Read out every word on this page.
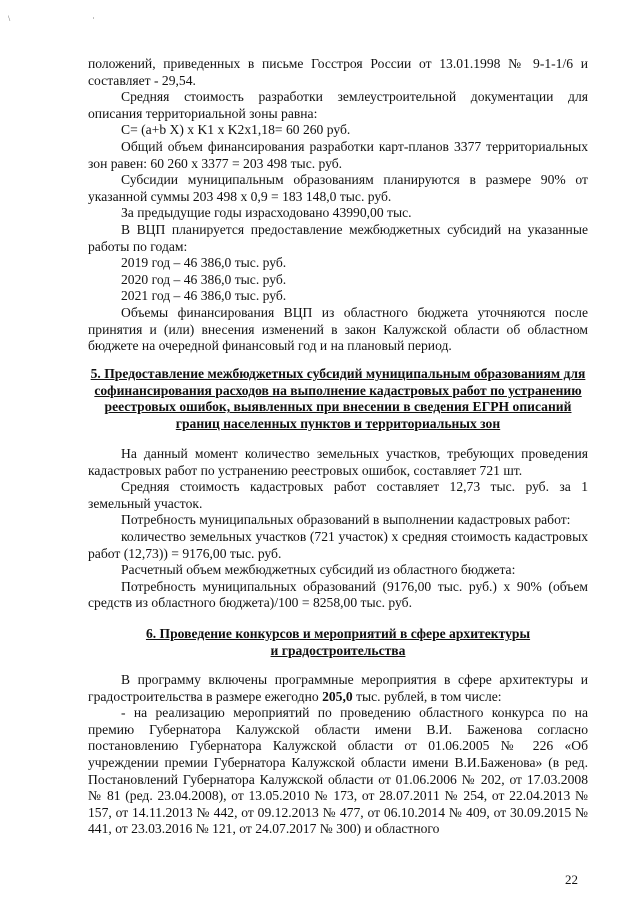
\ ·

положений, приведенных в письме Госстроя России от 13.01.1998 № 9-1-1/6 и составляет - 29,54.

Средняя стоимость разработки землеустроительной документации для описания территориальной зоны равна:

С= (a+b X) x K1 x K2x1,18= 60 260 руб.

Общий объем финансирования разработки карт-планов 3377 территориальных зон равен: 60 260 х 3377 = 203 498 тыс. руб.

Субсидии муниципальным образованиям планируются в размере 90% от указанной суммы 203 498 х 0,9 = 183 148,0 тыс. руб.

За предыдущие годы израсходовано 43990,00 тыс.

В ВЦП планируется предоставление межбюджетных субсидий на указанные работы по годам:

2019 год – 46 386,0 тыс. руб.

2020 год – 46 386,0 тыс. руб.

2021 год – 46 386,0 тыс. руб.

Объемы финансирования ВЦП из областного бюджета уточняются после принятия и (или) внесения изменений в закон Калужской области об областном бюджете на очередной финансовый год и на плановый период.

5. Предоставление межбюджетных субсидий муниципальным образованиям для софинансирования расходов на выполнение кадастровых работ по устранению реестровых ошибок, выявленных при внесении в сведения ЕГРН описаний границ населенных пунктов и территориальных зон

На данный момент количество земельных участков, требующих проведения кадастровых работ по устранению реестровых ошибок, составляет 721 шт.

Средняя стоимость кадастровых работ составляет 12,73 тыс. руб. за 1 земельный участок.

Потребность муниципальных образований в выполнении кадастровых работ:

количество земельных участков (721 участок) х средняя стоимость кадастровых работ (12,73)) = 9176,00 тыс. руб.

Расчетный объем межбюджетных субсидий из областного бюджета:

Потребность муниципальных образований (9176,00 тыс. руб.) х 90% (объем средств из областного бюджета)/100 = 8258,00 тыс. руб.

6. Проведение конкурсов и мероприятий в сфере архитектуры

и градостроительства

В программу включены программные мероприятия в сфере архитектуры и градостроительства в размере ежегодно 205,0 тыс. рублей, в том числе:

- на реализацию мероприятий по проведению областного конкурса по на премию Губернатора Калужской области имени В.И. Баженова согласно постановлению Губернатора Калужской области от 01.06.2005 № 226 «Об учреждении премии Губернатора Калужской области имени В.И.Баженова» (в ред. Постановлений Губернатора Калужской области от 01.06.2006 № 202, от 17.03.2008 № 81 (ред. 23.04.2008), от 13.05.2010 № 173, от 28.07.2011 № 254, от 22.04.2013 № 157, от 14.11.2013 № 442, от 09.12.2013 № 477, от 06.10.2014 № 409, от 30.09.2015 № 441, от 23.03.2016 № 121, от 24.07.2017 № 300) и областного

22
